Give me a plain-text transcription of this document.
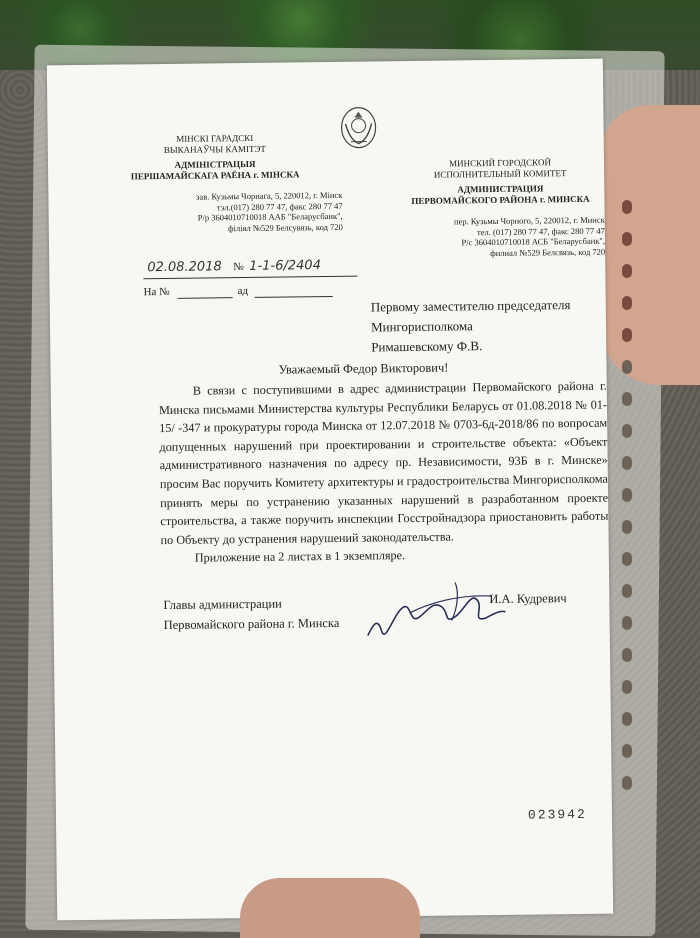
МІНСКІ ГАРАДСКІ
ВЫКАНАЎЧЫ КАМІТЭТ
АДМІНІСТРАЦЫЯ
ПЕРШАМАЙСКАГА РАЁНА г. МІНСКА
зав. Кузьмы Чорнага, 5, 220012, г. Мінск
тэл.(017) 280 77 47, факс 280 77 47
Р/р 3604010710018 ААБ "Беларусбанк",
філіял №529 Белсувязь, код 720
МИНСКИЙ ГОРОДСКОЙ
ИСПОЛНИТЕЛЬНЫЙ КОМИТЕТ
АДМИНИСТРАЦИЯ
ПЕРВОМАЙСКОГО РАЙОНА г. МИНСКА
пер. Кузьмы Чорного, 5, 220012, г. Минск
тел. (017) 280 77 47, факс 280 77 47
Р/с 3604010710018 АСБ "Беларусбанк",
филиал №529 Белсвязь, код 720
02.08.2018 № 1-1-6/2404
На №	ад
Первому заместителю председателя
Мингорисполкома
Римашевскому Ф.В.
Уважаемый Федор Викторович!

В связи с поступившими в адрес администрации Первомайского района г. Минска письмами Министерства культуры Республики Беларусь от 01.08.2018 № 01-15/ -347 и прокуратуры города Минска от 12.07.2018 № 0703-6д-2018/86 по вопросам допущенных нарушений при проектировании и строительстве объекта: «Объект административного назначения по адресу пр. Независимости, 93Б в г. Минске» просим Вас поручить Комитету архитектуры и градостроительства Мингорисполкома принять меры по устранению указанных нарушений в разработанном проекте строительства, а также поручить инспекции Госстройнадзора приостановить работы по Объекту до устранения нарушений законодательства.

Приложение на 2 листах в 1 экземпляре.

Главы администрации
Первомайского района г. Минска
И.А. Кудревич
023942
